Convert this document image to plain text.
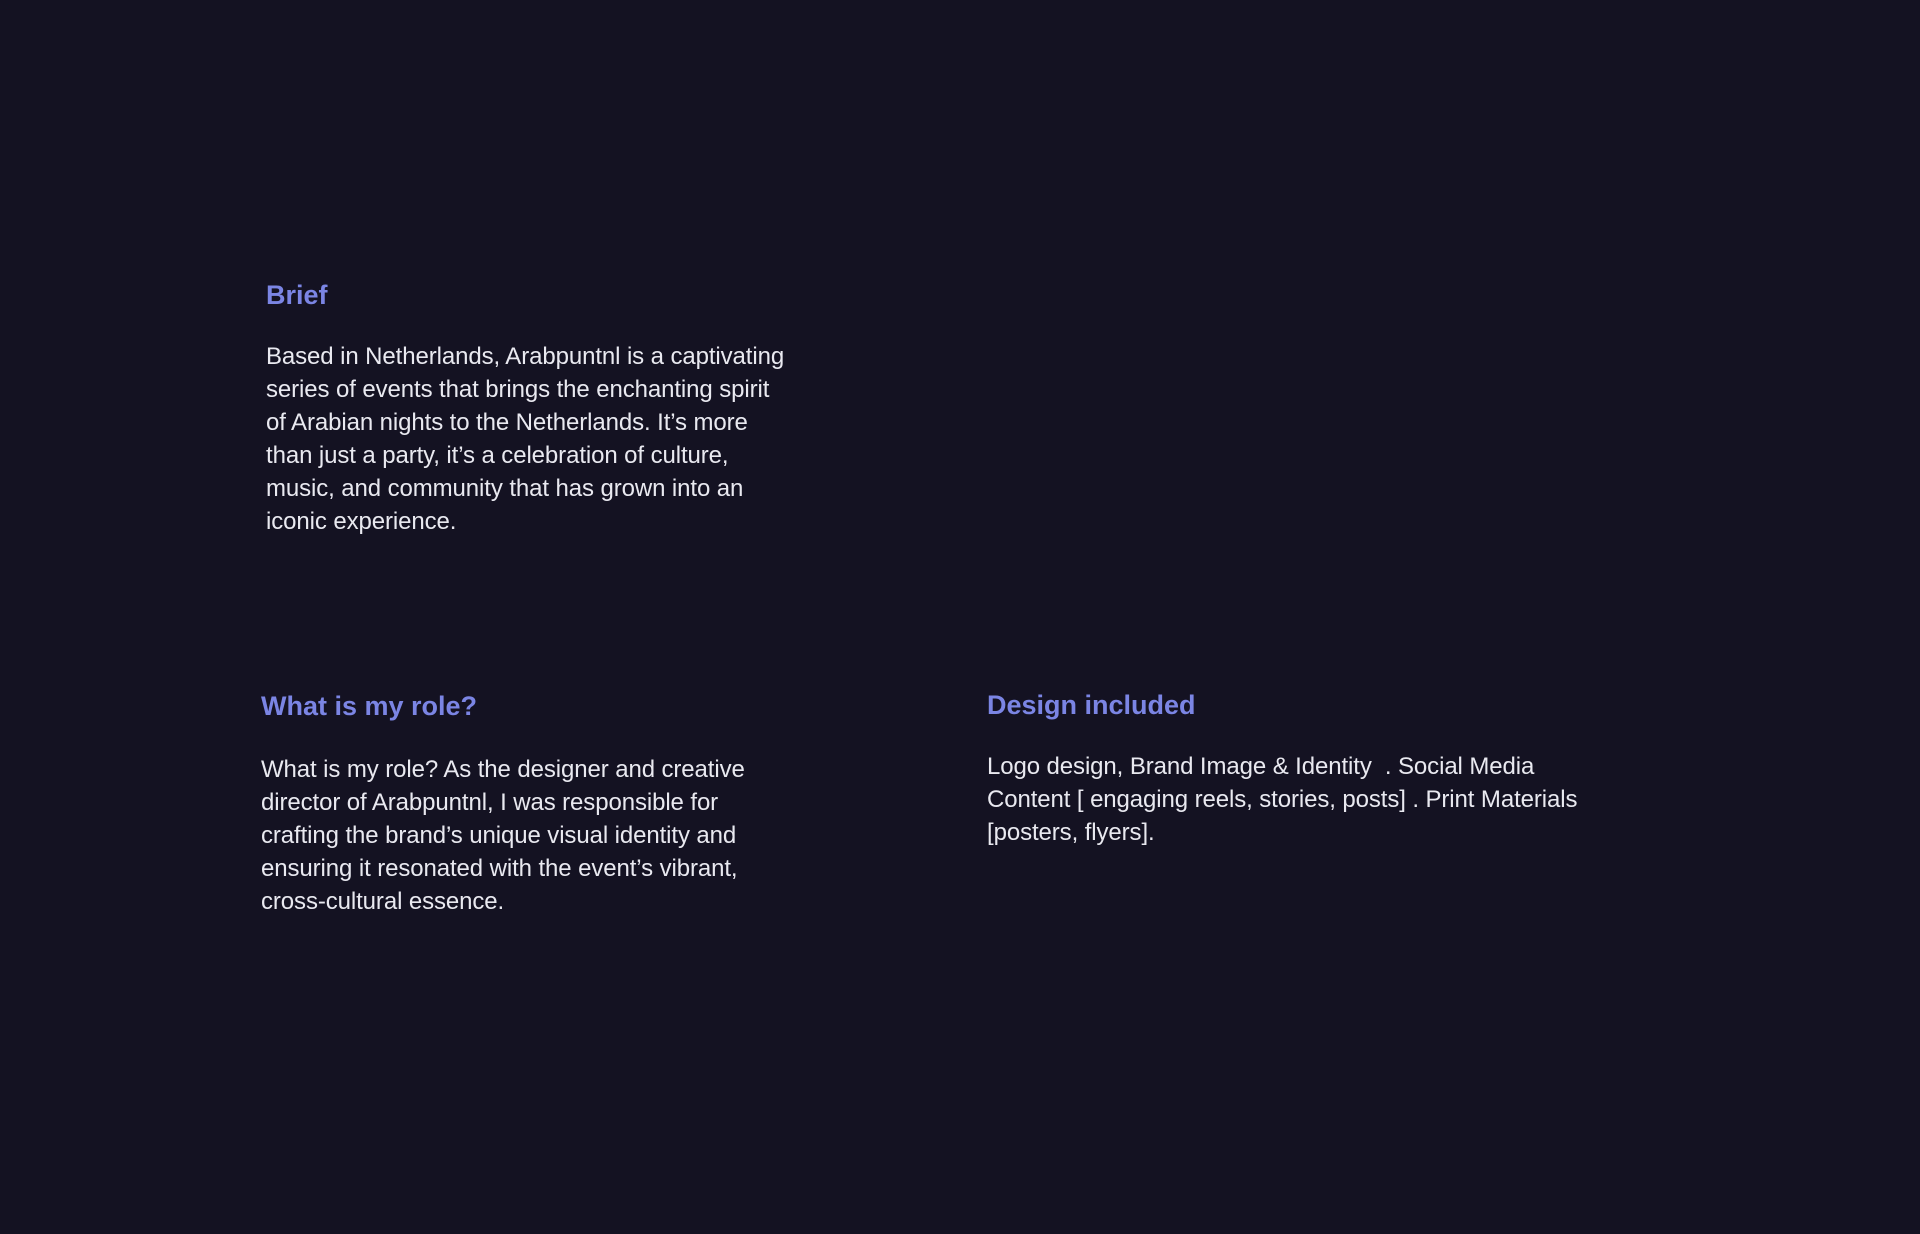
Brief

Based in Netherlands, Arabpuntnl is a captivating
series of events that brings the enchanting spirit
of Arabian nights to the Netherlands. It’s more
than just a party, it’s a celebration of culture,
music, and community that has grown into an
iconic experience.

What is my role?

What is my role? As the designer and creative
director of Arabpuntnl, I was responsible for
crafting the brand’s unique visual identity and
ensuring it resonated with the event’s vibrant,
cross-cultural essence.

Design included

Logo design, Brand Image & Identity  . Social Media
Content [ engaging reels, stories, posts] . Print Materials
[posters, flyers].
